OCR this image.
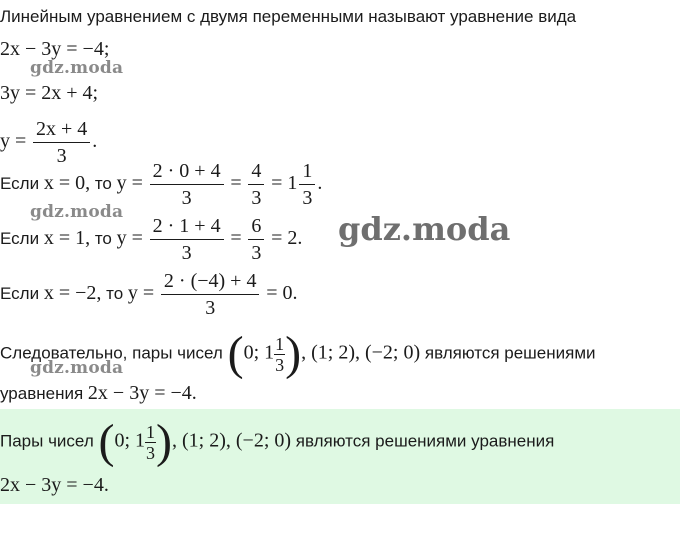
Линейным уравнением с двумя переменными называют уравнение вида
2x − 3y = −4;
gdz.moda
3y = 2x + 4;
$y = \frac{2x + 4}{3}$ .
Если x = 0, то $y = \frac{2 \cdot 0 + 4}{3} = \frac{4}{3} = 1 \frac{1}{3}$ .
gdz.moda
Если x = 1, то $y = \frac{2 \cdot 1 + 4}{3} = \frac{6}{3} = 2$. gdz.moda
Если x = −2, то $y = \frac{2 \cdot (-4) + 4}{3} = 0$.
Следовательно, пары чисел (0; $1 \frac{1}{3}$ ), (1; 2), (−2; 0) являются решениями
gdz.moda
уравнения 2x − 3y = −4.
Пары чисел (0; $1 \frac{1}{3}$ ), (1; 2), (−2; 0) являются решениями уравнения
2x − 3y = −4.
